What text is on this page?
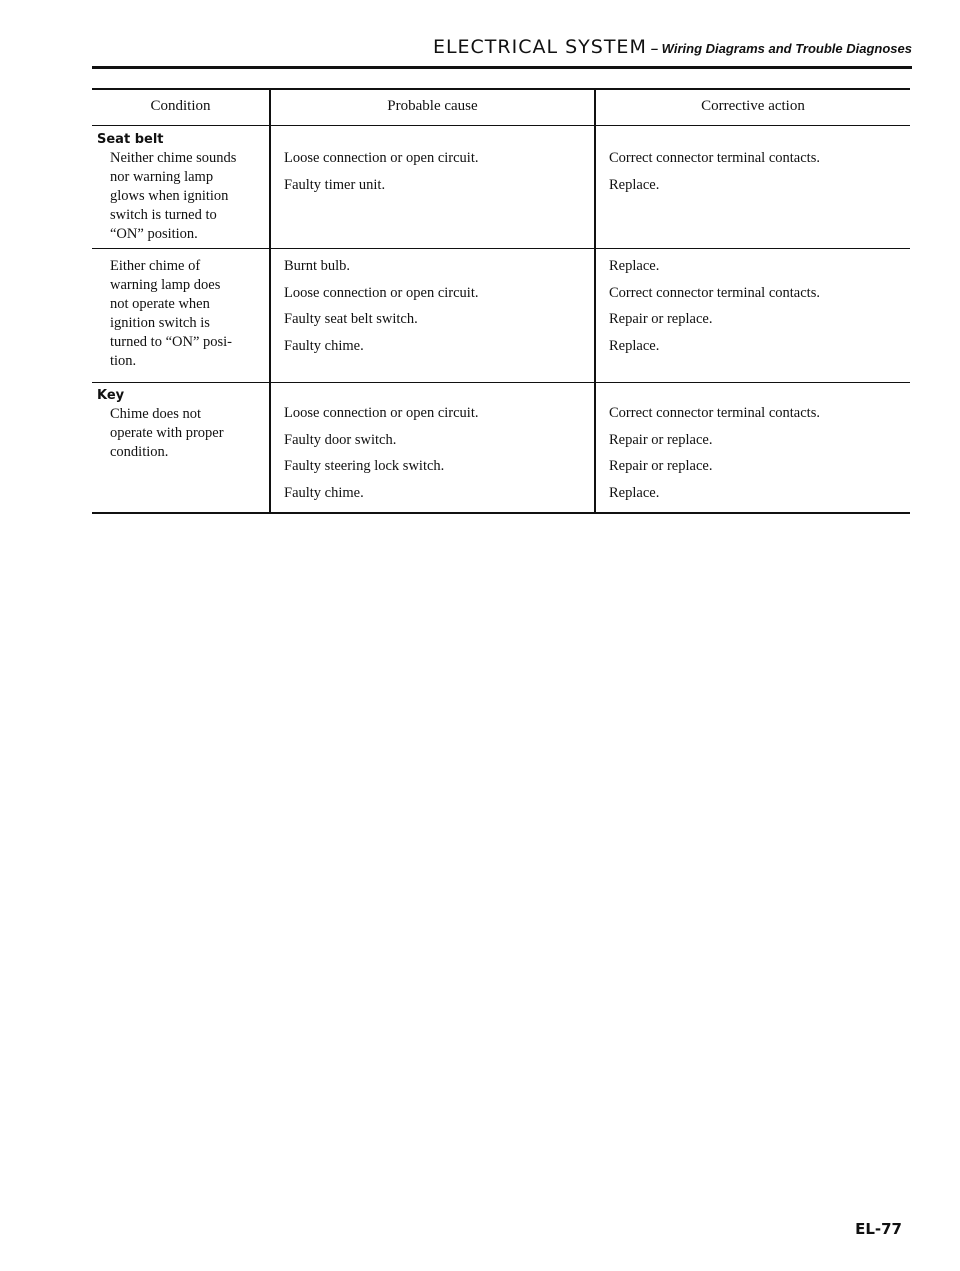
ELECTRICAL SYSTEM – Wiring Diagrams and Trouble Diagnoses
Condition	Probable cause	Corrective action
Seat belt
Neither chime sounds
nor warning lamp
glows when ignition
switch is turned to
“ON” position.
Loose connection or open circuit.
Faulty timer unit.
Correct connector terminal contacts.
Replace.
Either chime of
warning lamp does
not operate when
ignition switch is
turned to “ON” posi-
tion.
Burnt bulb.
Loose connection or open circuit.
Faulty seat belt switch.
Faulty chime.
Replace.
Correct connector terminal contacts.
Repair or replace.
Replace.
Key
Chime does not
operate with proper
condition.
Loose connection or open circuit.
Faulty door switch.
Faulty steering lock switch.
Faulty chime.
Correct connector terminal contacts.
Repair or replace.
Repair or replace.
Replace.
EL-77
